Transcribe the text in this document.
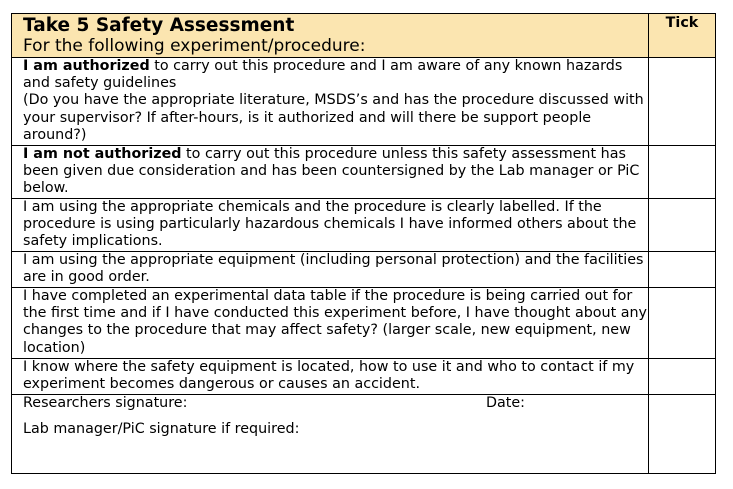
Take 5 Safety Assessment
For the following experiment/procedure:	Tick
I am authorized to carry out this procedure and I am aware of any known hazards and safety guidelines
(Do you have the appropriate literature, MSDS’s and has the procedure discussed with your supervisor? If after-hours, is it authorized and will there be support people around?)	
I am not authorized to carry out this procedure unless this safety assessment has been given due consideration and has been countersigned by the Lab manager or PiC below.	
I am using the appropriate chemicals and the procedure is clearly labelled. If the procedure is using particularly hazardous chemicals I have informed others about the safety implications.	
I am using the appropriate equipment (including personal protection) and the facilities are in good order.	
I have completed an experimental data table if the procedure is being carried out for the first time and if I have conducted this experiment before, I have thought about any changes to the procedure that may affect safety? (larger scale, new equipment, new location)	
I know where the safety equipment is located, how to use it and who to contact if my experiment becomes dangerous or causes an accident.	

Researchers signature: Date:
Lab manager/PiC signature if required:	
